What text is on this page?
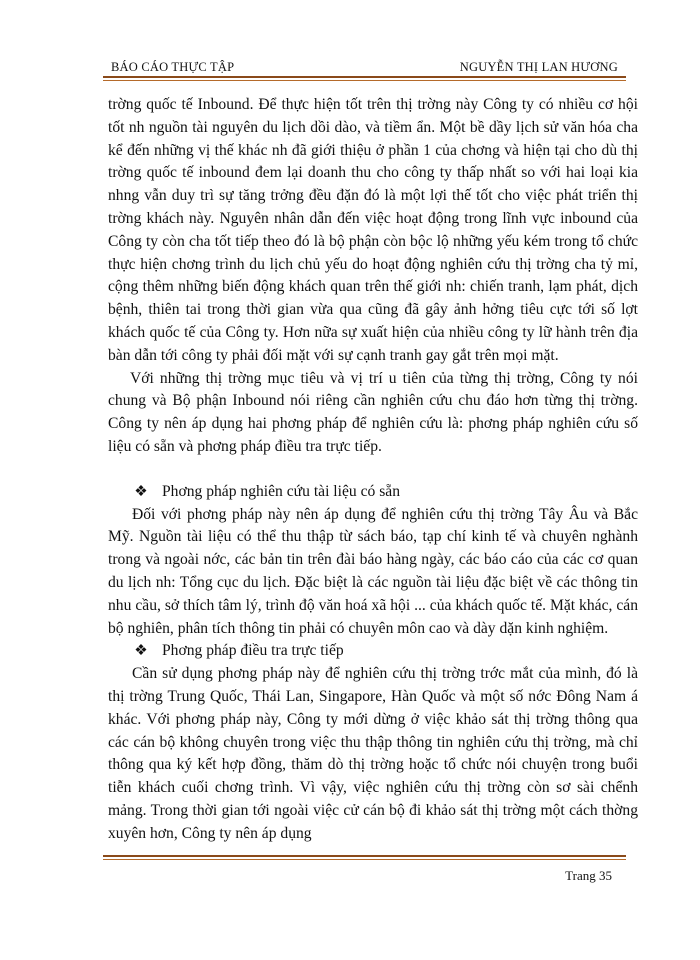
BÁO CÁO THỰC TẬP	NGUYỄN THỊ LAN HƯƠNG

trờng quốc tế Inbound. Để thực hiện tốt trên thị trờng này Công ty có nhiều cơ hội tốt nh nguồn tài nguyên du lịch dồi dào, và tiềm ẩn. Một bề dầy lịch sử văn hóa cha kể đến những vị thế khác nh đã giới thiệu ở phần 1 của chơng và hiện tại cho dù thị trờng quốc tế inbound đem lại doanh thu cho công ty thấp nhất so với hai loại kia nhng vẫn duy trì sự tăng trởng đều đặn đó là một lợi thế tốt cho việc phát triển thị trờng khách này. Nguyên nhân dẫn đến việc hoạt động trong lĩnh vực inbound của Công ty còn cha tốt tiếp theo đó là bộ phận còn bộc lộ những yếu kém trong tổ chức thực hiện chơng trình du lịch chủ yếu do hoạt động nghiên cứu thị trờng cha tỷ mỉ, cộng thêm những biến động khách quan trên thế giới nh: chiến tranh, lạm phát, dịch bệnh, thiên tai trong thời gian vừa qua cũng đã gây ảnh hởng tiêu cực tới số lợt khách quốc tế của Công ty. Hơn nữa sự xuất hiện của nhiều công ty lữ hành trên địa bàn dẫn tới công ty phải đối mặt với sự cạnh tranh gay gắt trên mọi mặt.

Với những thị trờng mục tiêu và vị trí u tiên của từng thị trờng, Công ty nói chung và Bộ phận Inbound nói riêng cần nghiên cứu chu đáo hơn từng thị trờng. Công ty nên áp dụng hai phơng pháp để nghiên cứu là: phơng pháp nghiên cứu số liệu có sẵn và phơng pháp điều tra trực tiếp.

❖ Phơng pháp nghiên cứu tài liệu có sẵn

Đối với phơng pháp này nên áp dụng để nghiên cứu thị trờng Tây Âu và Bắc Mỹ. Nguồn tài liệu có thể thu thập từ sách báo, tạp chí kinh tế và chuyên nghành trong và ngoài nớc, các bản tin trên đài báo hàng ngày, các báo cáo của các cơ quan du lịch nh: Tổng cục du lịch. Đặc biệt là các nguồn tài liệu đặc biệt về các thông tin nhu cầu, sở thích tâm lý, trình độ văn hoá xã hội ... của khách quốc tế. Mặt khác, cán bộ nghiên, phân tích thông tin phải có chuyên môn cao và dày dặn kinh nghiệm.

❖ Phơng pháp điều tra trực tiếp

Cần sử dụng phơng pháp này để nghiên cứu thị trờng trớc mắt của mình, đó là thị trờng Trung Quốc, Thái Lan, Singapore, Hàn Quốc và một số nớc Đông Nam á khác. Với phơng pháp này, Công ty mới dừng ở việc khảo sát thị trờng thông qua các cán bộ không chuyên trong việc thu thập thông tin nghiên cứu thị trờng, mà chỉ thông qua ký kết hợp đồng, thăm dò thị trờng hoặc tổ chức nói chuyện trong buổi tiễn khách cuối chơng trình. Vì vậy, việc nghiên cứu thị trờng còn sơ sài chểnh mảng. Trong thời gian tới ngoài việc cử cán bộ đi khảo sát thị trờng một cách thờng xuyên hơn, Công ty nên áp dụng

Trang 35
